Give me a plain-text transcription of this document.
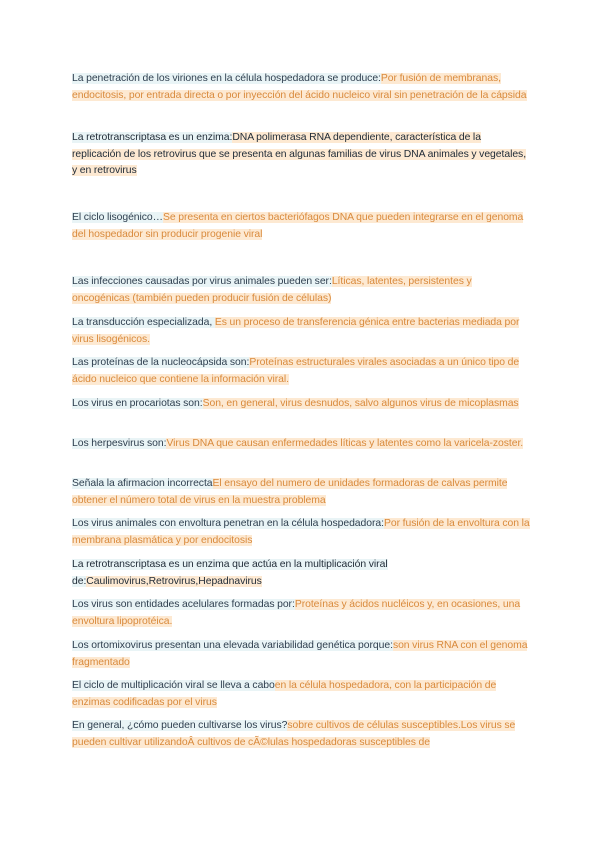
La penetración de los viriones en la célula hospedadora se produce:Por fusión de membranas, endocitosis, por entrada directa o por inyección del ácido nucleico viral sin penetración de la cápsida
La retrotranscriptasa es un enzima:DNA polimerasa RNA dependiente, característica de la replicación de los retrovirus que se presenta en algunas familias de virus DNA animales y vegetales, y en retrovirus
El ciclo lisogénico…Se presenta en ciertos bacteriófagos DNA que pueden integrarse en el genoma del hospedador sin producir progenie viral
Las infecciones causadas por virus animales pueden ser:Líticas, latentes, persistentes y oncogénicas (también pueden producir fusión de células)
La transducción especializada, Es un proceso de transferencia génica entre bacterias mediada por virus lisogénicos.
Las proteínas de la nucleocápsida son:Proteínas estructurales virales asociadas a un único tipo de ácido nucleico que contiene la información viral.
Los virus en procariotas son:Son, en general, virus desnudos, salvo algunos virus de micoplasmas
Los herpesvirus son:Virus DNA que causan enfermedades líticas y latentes como la varicela-zoster.
Señala la afirmacion incorrectaEl ensayo del numero de unidades formadoras de calvas permite obtener el número total de virus en la muestra problema
Los virus animales con envoltura penetran en la célula hospedadora:Por fusión de la envoltura con la membrana plasmática y por endocitosis
La retrotranscriptasa es un enzima que actúa en la multiplicación viral de:Caulimovirus,Retrovirus,Hepadnavirus
Los virus son entidades acelulares formadas por:Proteínas y ácidos nucléicos y, en ocasiones, una envoltura lipoprotéica.
Los ortomixovirus presentan una elevada variabilidad genética porque:son virus RNA con el genoma fragmentado
El ciclo de multiplicación viral se lleva a caboen la célula hospedadora, con la participación de enzimas codificadas por el virus
En general, ¿cómo pueden cultivarse los virus?sobre cultivos de células susceptibles.Los virus se pueden cultivar utilizandoÂ cultivos de cÃ©lulas hospedadoras susceptibles de
